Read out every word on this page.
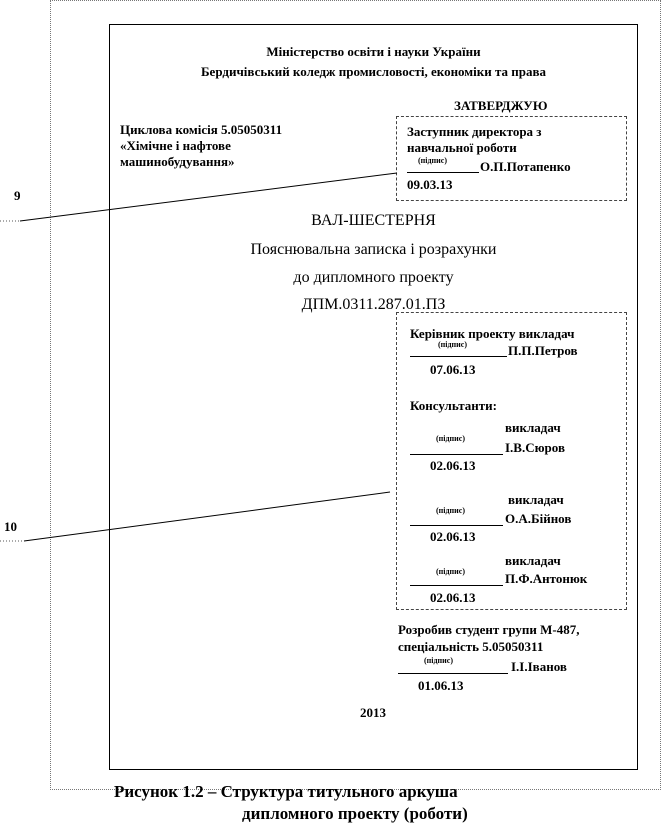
Міністерство освіти і науки України
Бердичівський коледж промисловості, економіки та права
ЗАТВЕРДЖУЮ
Заступник директора з
навчальної роботи
(підпис)	О.П.Потапенко
09.03.13
Циклова комісія 5.05050311
«Хімічне і нафтове
машинобудування»
ВАЛ-ШЕСТЕРНЯ
Пояснювальна записка і розрахунки
до дипломного проекту
ДПМ.0311.287.01.ПЗ
Керівник проекту викладач
(підпис)	П.П.Петров
07.06.13
Консультанти:
викладач
(підпис)
І.В.Сюров
02.06.13
викладач
(підпис)
О.А.Бійнов
02.06.13
викладач
(підпис)	П.Ф.Антонюк
02.06.13
Розробив студент групи М-487,
спеціальність 5.05050311
(підпис)	І.І.Іванов
01.06.13
2013
9
10
Рисунок 1.2 – Структура титульного аркуша
дипломного проекту (роботи)
